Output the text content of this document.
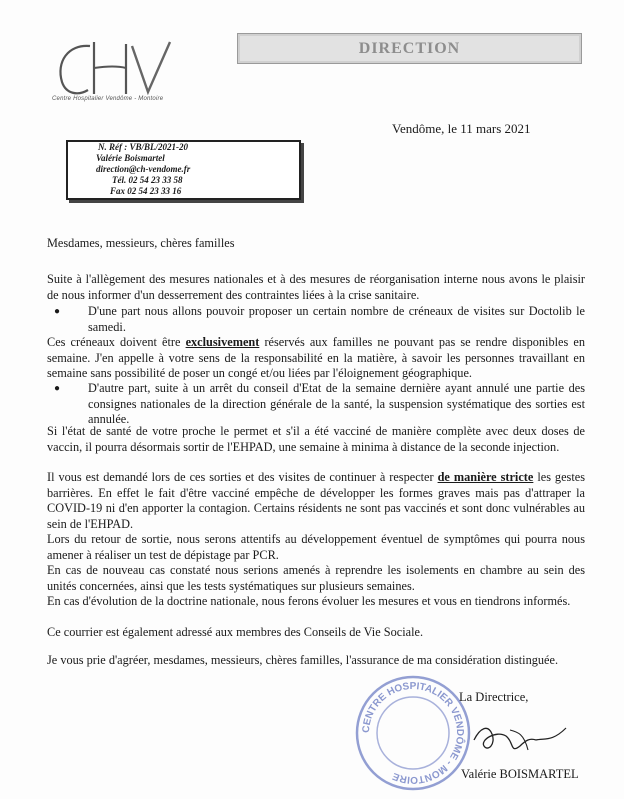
Centre Hospitalier Vendôme - Montoire
DIRECTION
N. Réf : VB/BL/2021-20
Valérie Boismartel
direction@ch-vendome.fr
Tél. 02 54 23 33 58
Fax 02 54 23 33 16
Vendôme, le 11 mars 2021
Mesdames, messieurs, chères familles
Suite à l'allègement des mesures nationales et à des mesures de réorganisation interne nous avons le plaisir de nous informer d'un desserrement des contraintes liées à la crise sanitaire.
●	D'une part nous allons pouvoir proposer un certain nombre de créneaux de visites sur Doctolib le samedi.
Ces créneaux doivent être exclusivement réservés aux familles ne pouvant pas se rendre disponibles en semaine. J'en appelle à votre sens de la responsabilité en la matière, à savoir les personnes travaillant en semaine sans possibilité de poser un congé et/ou liées par l'éloignement géographique.
●	D'autre part, suite à un arrêt du conseil d'Etat de la semaine dernière ayant annulé une partie des consignes nationales de la direction générale de la santé, la suspension systématique des sorties est annulée.
Si l'état de santé de votre proche le permet et s'il a été vacciné de manière complète avec deux doses de vaccin, il pourra désormais sortir de l'EHPAD, une semaine à minima à distance de la seconde injection.
Il vous est demandé lors de ces sorties et des visites de continuer à respecter de manière stricte les gestes barrières. En effet le fait d'être vacciné empêche de développer les formes graves mais pas d'attraper la COVID-19 ni d'en apporter la contagion. Certains résidents ne sont pas vaccinés et sont donc vulnérables au sein de l'EHPAD.
Lors du retour de sortie, nous serons attentifs au développement éventuel de symptômes qui pourra nous amener à réaliser un test de dépistage par PCR.
En cas de nouveau cas constaté nous serions amenés à reprendre les isolements en chambre au sein des unités concernées, ainsi que les tests systématiques sur plusieurs semaines.
En cas d'évolution de la doctrine nationale, nous ferons évoluer les mesures et vous en tiendrons informés.
Ce courrier est également adressé aux membres des Conseils de Vie Sociale.
Je vous prie d'agréer, mesdames, messieurs, chères familles, l'assurance de ma considération distinguée.
CENTRE HOSPITALIER VENDÔME - MONTOIRE
La Directrice,
Valérie BOISMARTEL
